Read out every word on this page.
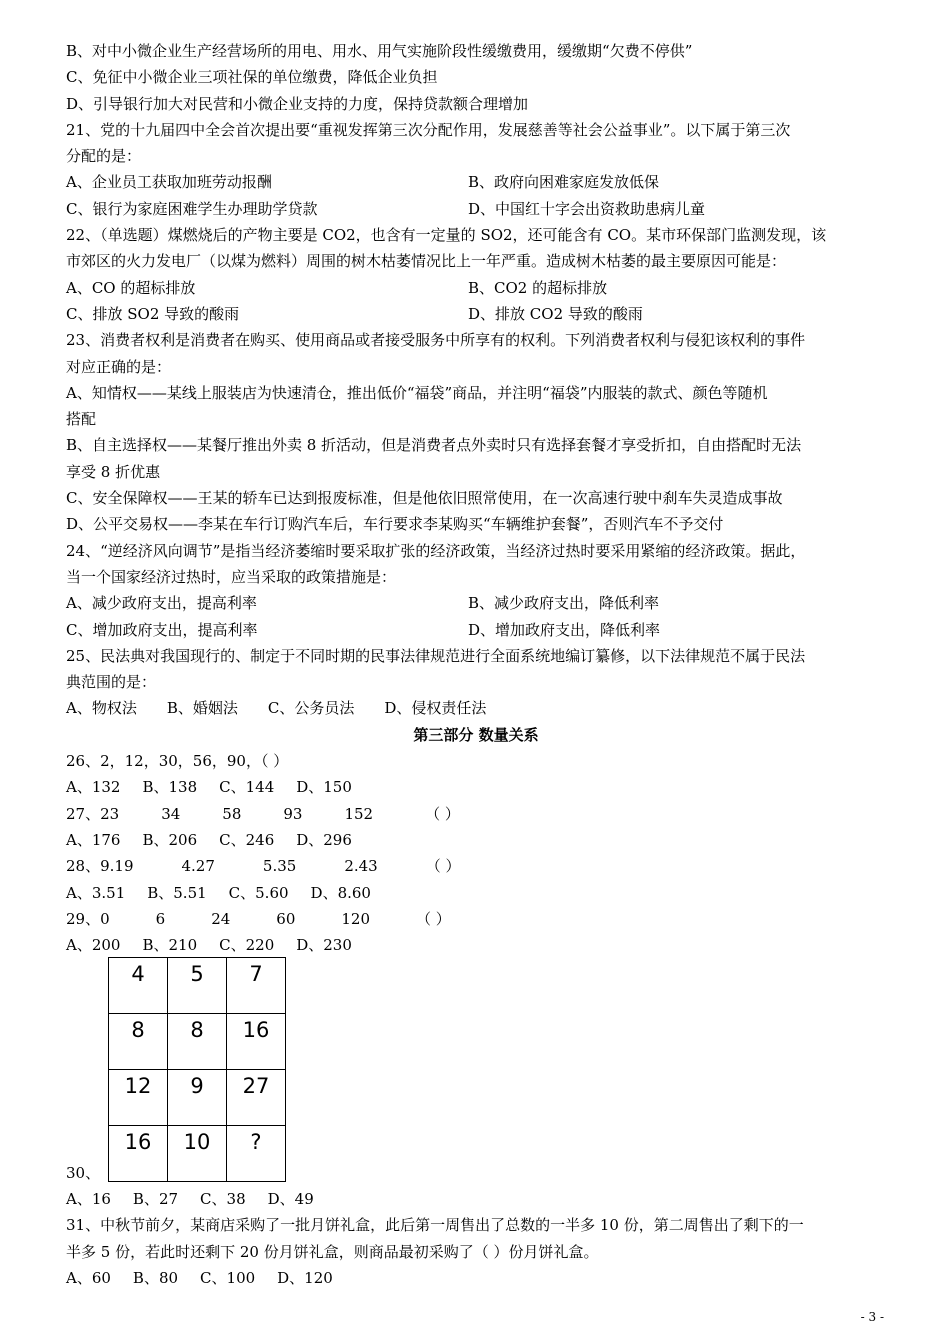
B、对中小微企业生产经营场所的用电、用水、用气实施阶段性缓缴费用，缓缴期“欠费不停供”
C、免征中小微企业三项社保的单位缴费，降低企业负担
D、引导银行加大对民营和小微企业支持的力度，保持贷款额合理增加
21、党的十九届四中全会首次提出要“重视发挥第三次分配作用，发展慈善等社会公益事业”。以下属于第三次
分配的是：
A、企业员工获取加班劳动报酬	B、政府向困难家庭发放低保
C、银行为家庭困难学生办理助学贷款	D、中国红十字会出资救助患病儿童
22、（单选题）煤燃烧后的产物主要是 CO2，也含有一定量的 SO2，还可能含有 CO。某市环保部门监测发现，该
市郊区的火力发电厂（以煤为燃料）周围的树木枯萎情况比上一年严重。造成树木枯萎的最主要原因可能是：
A、CO 的超标排放	B、CO2 的超标排放
C、排放 SO2 导致的酸雨	D、排放 CO2 导致的酸雨
23、消费者权利是消费者在购买、使用商品或者接受服务中所享有的权利。下列消费者权利与侵犯该权利的事件
对应正确的是：
A、知情权——某线上服装店为快速清仓，推出低价“福袋”商品，并注明“福袋”内服装的款式、颜色等随机
搭配
B、自主选择权——某餐厅推出外卖 8 折活动，但是消费者点外卖时只有选择套餐才享受折扣，自由搭配时无法
享受 8 折优惠
C、安全保障权——王某的轿车已达到报废标准，但是他依旧照常使用，在一次高速行驶中刹车失灵造成事故
D、公平交易权——李某在车行订购汽车后，车行要求李某购买“车辆维护套餐”，否则汽车不予交付
24、“逆经济风向调节”是指当经济萎缩时要采取扩张的经济政策，当经济过热时要采用紧缩的经济政策。据此，
当一个国家经济过热时，应当采取的政策措施是：
A、减少政府支出，提高利率	B、减少政府支出，降低利率
C、增加政府支出，提高利率	D、增加政府支出，降低利率
25、民法典对我国现行的、制定于不同时期的民事法律规范进行全面系统地编订纂修，以下法律规范不属于民法
典范围的是：
A、物权法 B、婚姻法 C、公务员法 D、侵权责任法
第三部分 数量关系
26、2，12，30，56，90，（ ）
A、132 B、138 C、144 D、150
27、23	34	58	93	152	（ ）
A、176 B、206 C、246 D、296
28、9.19	4.27	5.35	2.43	（ ）
A、3.51 B、5.51 C、5.60 D、8.60
29、0	6	24	60	120	（ ）
A、200 B、210 C、220 D、230
4	5	7
8	8	16
12	9	27
16	10	?
30、
A、16 B、27 C、38 D、49
31、中秋节前夕，某商店采购了一批月饼礼盒，此后第一周售出了总数的一半多 10 份，第二周售出了剩下的一
半多 5 份，若此时还剩下 20 份月饼礼盒，则商品最初采购了（ ）份月饼礼盒。
A、60 B、80 C、100 D、120
- 3 -
